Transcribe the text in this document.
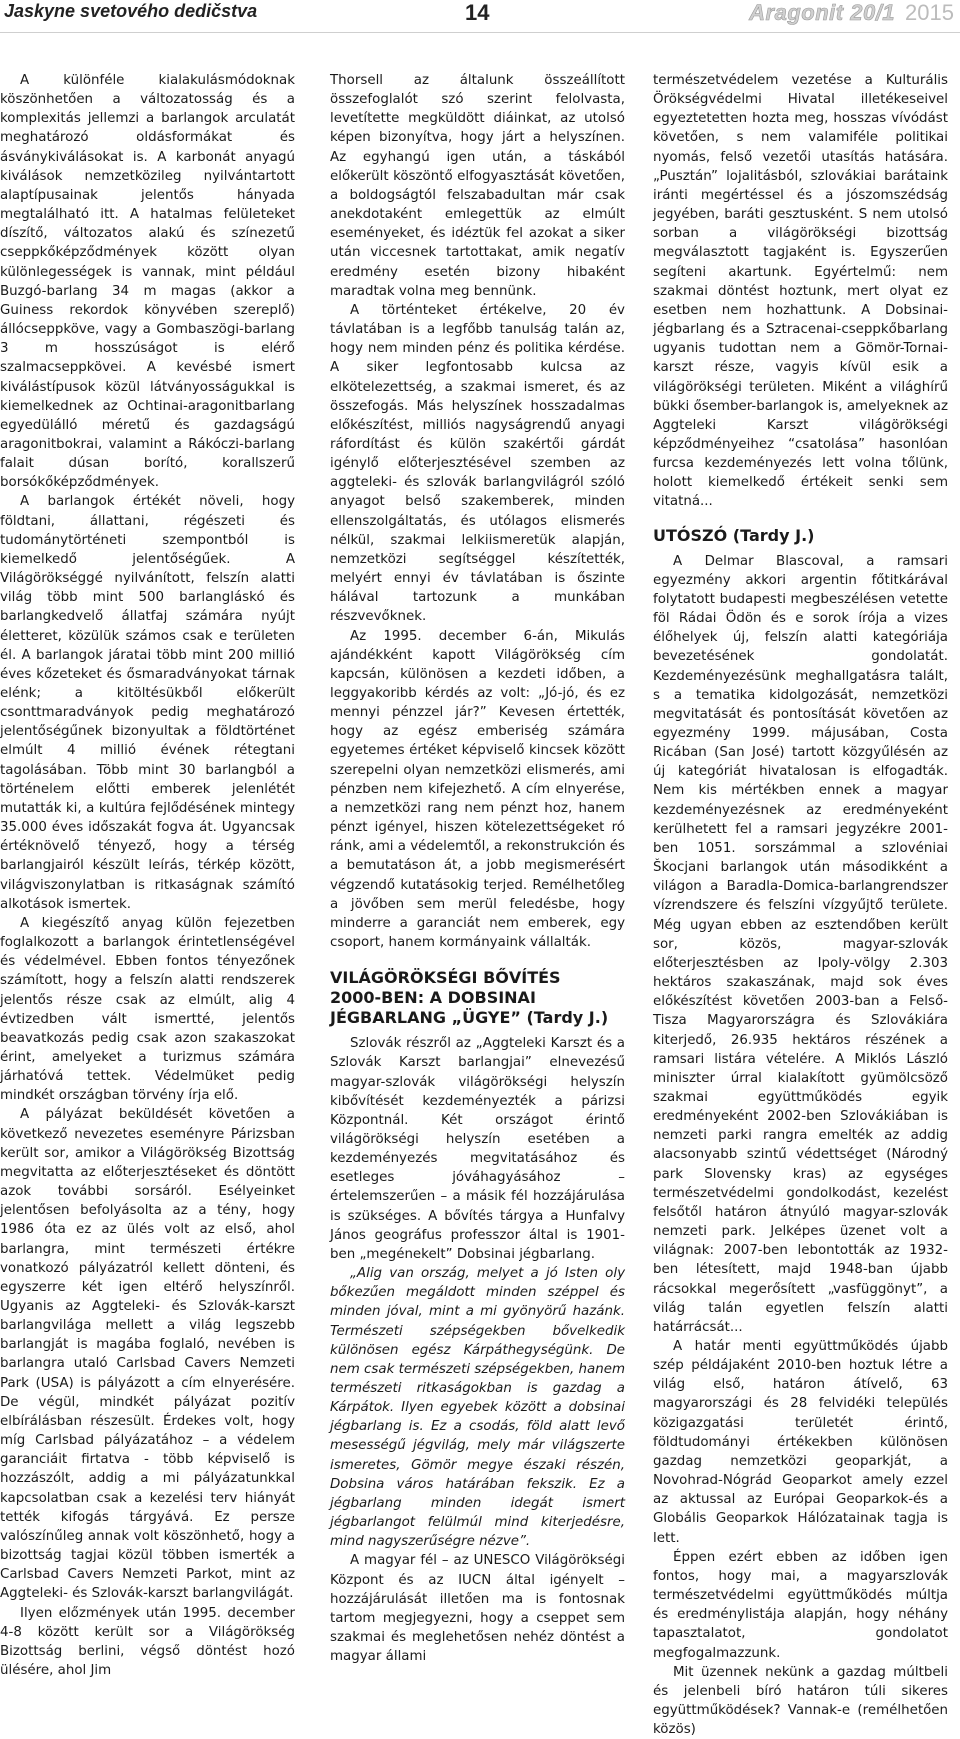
Jaskyne svetového dedičstva	14	Aragonit 20/1 2015

A különféle kialakulásmódoknak köszönhetően a változatosság és a komplexitás jellemzi a barlangok arculatát meghatározó oldásformákat és ásványkiválásokat is. A karbonát anyagú kiválások nemzetközileg nyilvántartott alaptípusainak jelentős hányada megtalálható itt. A hatalmas felületeket díszítő, változatos alakú és színezetű cseppkőképződmények között olyan különlegességek is vannak, mint például Buzgó-barlang 34 m magas (akkor a Guiness rekordok könyvében szereplő) állócseppköve, vagy a Gombaszögi-barlang 3 m hosszúságot is elérő szalmacseppkövei. A kevésbé ismert kiválástípusok közül látványosságukkal is kiemelkednek az Ochtinai-aragonitbarlang egyedülálló méretű és gazdagságú aragonitbokrai, valamint a Rákóczi-barlang falait dúsan borító, korallszerű borsókőképződmények.

A barlangok értékét növeli, hogy földtani, állattani, régészeti és tudománytörténeti szempontból is kiemelkedő jelentőségűek. A Világörökséggé nyilvánított, felszín alatti világ több mint 500 barlangláskó és barlangkedvelő állatfaj számára nyújt életteret, közülük számos csak e területen él. A barlangok járatai több mint 200 millió éves kőzeteket és ősmaradványokat tárnak elénk; a kitöltésükből előkerült csonttmaradványok pedig meghatározó jelentőségűnek bizonyultak a földtörténet elmúlt 4 millió évének rétegtani tagolásában. Több mint 30 barlangból a történelem előtti emberek jelenlétét mutatták ki, a kultúra fejlődésének mintegy 35.000 éves időszakát fogva át. Ugyancsak értéknövelő tényező, hogy a térség barlangjairól készült leírás, térkép között, világviszonylatban is ritkaságnak számító alkotások ismertek.

A kiegészítő anyag külön fejezetben foglalkozott a barlangok érintetlenségével és védelmével. Ebben fontos tényezőnek számított, hogy a felszín alatti rendszerek jelentős része csak az elmúlt, alig 4 évtizedben vált ismertté, jelentős beavatkozás pedig csak azon szakaszokat érint, amelyeket a turizmus számára járhatóvá tettek. Védelmüket pedig mindkét országban törvény írja elő.

A pályázat beküldését követően a következő nevezetes eseményre Párizsban került sor, amikor a Világörökség Bizottság megvitatta az előterjesztéseket és döntött azok további sorsáról. Esélyeinket jelentősen befolyásolta az a tény, hogy 1986 óta ez az ülés volt az első, ahol barlangra, mint természeti értékre vonatkozó pályázatról kellett dönteni, és egyszerre két igen eltérő helyszínről. Ugyanis az Aggteleki- és Szlovák-karszt barlangvilága mellett a világ legszebb barlangját is magába foglaló, nevében is barlangra utaló Carlsbad Cavers Nemzeti Park (USA) is pályázott a cím elnyerésére. De végül, mindkét pályázat pozitív elbírálásban részesült. Érdekes volt, hogy míg Carlsbad pályázatához – a védelem garanciáit firtatva - több képviselő is hozzászólt, addig a mi pályázatunkkal kapcsolatban csak a kezelési terv hiányát tették kifogás tárgyává. Ez persze valószínűleg annak volt köszönhető, hogy a bizottság tagjai közül többen ismerték a Carlsbad Cavers Nemzeti Parkot, mint az Aggteleki- és Szlovák-karszt barlangvilágát.

Ilyen előzmények után 1995. december 4-8 között került sor a Világörökség Bizottság berlini, végső döntést hozó ülésére, ahol Jim

Thorsell az általunk összeállított összefoglalót szó szerint felolvasta, levetítette megküldött diáinkat, az utolsó képen bizonyítva, hogy járt a helyszínen. Az egyhangú igen után, a táskából előkerült köszöntő elfogyasztását követően, a boldogságtól felszabadultan már csak anekdotaként emlegettük az elmúlt eseményeket, és idéztük fel azokat a siker után viccesnek tartottakat, amik negatív eredmény esetén bizony hibaként maradtak volna meg bennünk.

A történteket értékelve, 20 év távlatában is a legfőbb tanulság talán az, hogy nem minden pénz és politika kérdése. A siker legfontosabb kulcsa az elkötelezettség, a szakmai ismeret, és az összefogás. Más helyszínek hosszadalmas előkészítést, milliós nagyságrendű anyagi ráfordítást és külön szakértői gárdát igénylő előterjesztésével szemben az aggteleki- és szlovák barlangvilágról szóló anyagot belső szakemberek, minden ellenszolgáltatás, és utólagos elismerés nélkül, szakmai lelkiismeretük alapján, nemzetközi segítséggel készítették, melyért ennyi év távlatában is őszinte hálával tartozunk a munkában részvevőknek.

Az 1995. december 6-án, Mikulás ajándékként kapott Világörökség cím kapcsán, különösen a kezdeti időben, a leggyakoribb kérdés az volt: „Jó-jó, és ez mennyi pénzzel jár?” Kevesen értették, hogy az egész emberiség számára egyetemes értéket képviselő kincsek között szerepelni olyan nemzetközi elismerés, ami pénzben nem kifejezhető. A cím elnyerése, a nemzetközi rang nem pénzt hoz, hanem pénzt igényel, hiszen kötelezettségeket ró ránk, ami a védelemtől, a rekonstrukción és a bemutatáson át, a jobb megismerésért végzendő kutatásokig terjed. Remélhetőleg a jövőben sem merül feledésbe, hogy minderre a garanciát nem emberek, egy csoport, hanem kormányaink vállalták.

VILÁGÖRÖKSÉGI BŐVÍTÉS
2000-BEN: A DOBSINAI
JÉGBARLANG „ÜGYE” (Tardy J.)

Szlovák részről az „Aggteleki Karszt és a Szlovák Karszt barlangjai” elnevezésű magyar-szlovák világörökségi helyszín kibővítését kezdeményezték a párizsi Központnál. Két országot érintő világörökségi helyszín esetében a kezdeményezés megvitatásához és esetleges jóváhagyásához – értelemszerűen – a másik fél hozzájárulása is szükséges. A bővítés tárgya a Hunfalvy János geográfus professzor által is 1901-ben „megénekelt” Dobsinai jégbarlang.

„Alig van ország, melyet a jó Isten oly bőkezűen megáldott minden széppel és minden jóval, mint a mi gyönyörű hazánk. Természeti szépségekben bővelkedik különösen egész Kárpáthegységünk. De nem csak természeti szépségekben, hanem természeti ritkaságokban is gazdag a Kárpátok. Ilyen egyebek között a dobsinai jégbarlang is. Ez a csodás, föld alatt levő mesességű jégvilág, mely már világszerte ismeretes, Gömör megye északi részén, Dobsina város határában fekszik. Ez a jégbarlang minden idegát ismert jégbarlangot felülmúl mind kiterjedésre, mind nagyszerűségre nézve”.

A magyar fél – az UNESCO Világörökségi Központ és az IUCN által igényelt – hozzájárulását illetően ma is fontosnak tartom megjegyezni, hogy a cseppet sem szakmai és meglehetősen nehéz döntést a magyar állami

természetvédelem vezetése a Kulturális Örökségvédelmi Hivatal illetékeseivel egyeztetetten hozta meg, hosszas vívódást követően, s nem valamiféle politikai nyomás, felső vezetői utasítás hatására. „Pusztán” lojalitásból, szlovákiai barátaink iránti megértéssel és a jószomszédság jegyében, baráti gesztusként. S nem utolsó sorban a világörökségi bizottság megválasztott tagjaként is. Egyszerűen segíteni akartunk. Egyértelmű: nem szakmai döntést hoztunk, mert olyat ez esetben nem hozhattunk. A Dobsinai-jégbarlang és a Sztracenai-cseppkőbarlang ugyanis tudottan nem a Gömör-Tornai-karszt része, vagyis kívül esik a világörökségi területen. Miként a világhírű bükki ősember-barlangok is, amelyeknek az Aggteleki Karszt világörökségi képződményeihez “csatolása” hasonlóan furcsa kezdeményezés lett volna tőlünk, holott kiemelkedő értékeit senki sem vitatná...

UTÓSZÓ (Tardy J.)

A Delmar Blascoval, a ramsari egyezmény akkori argentin főtitkárával folytatott budapesti megbeszélésen vetette föl Rádai Ödön és e sorok írója a vizes élőhelyek új, felszín alatti kategóriája bevezetésének gondolatát. Kezdeményezésünk meghallgatásra talált, s a tematika kidolgozását, nemzetközi megvitatását és pontosítását követően az egyezmény 1999. májusában, Costa Ricában (San José) tartott közgyűlésén az új kategóriát hivatalosan is elfogadták. Nem kis mértékben ennek a magyar kezdeményezésnek az eredményeként kerülhetett fel a ramsari jegyzékre 2001-ben 1051. sorszámmal a szlovéniai Škocjani barlangok után másodikként a világon a Baradla-Domica-barlangrendszer vízrendszere és felszíni vízgyűjtő területe. Még ugyan ebben az esztendőben került sor, közös, magyar-szlovák előterjesztésben az Ipoly-völgy 2.303 hektáros szakaszának, majd sok éves előkészítést követően 2003-ban a Felső-Tisza Magyarországra és Szlovákiára kiterjedő, 26.935 hektáros részének a ramsari listára vételére. A Miklós László miniszter úrral kialakított gyümölcsöző szakmai együttműködés egyik eredményeként 2002-ben Szlovákiában is nemzeti parki rangra emelték az addig alacsonyabb szintű védettséget (Národný park Slovensky kras) az egységes természetvédelmi gondolkodást, kezelést felsőtől határon átnyúló magyar-szlovák nemzeti park. Jelképes üzenet volt a világnak: 2007-ben lebontották az 1932-ben létesített, majd 1948-ban újabb rácsokkal megerősített „vasfüggönyt”, a világ talán egyetlen felszín alatti határrácsát...

A határ menti együttműködés újabb szép példájaként 2010-ben hoztuk létre a világ első, határon átívelő, 63 magyarországi és 28 felvidéki település közigazgatási területét érintő, földtudományi értékekben különösen gazdag nemzetközi geoparkját, a Novohrad-Nógrád Geoparkot amely ezzel az aktussal az Európai Geoparkok-és a Globális Geoparkok Hálózatainak tagja is lett.

Éppen ezért ebben az időben igen fontos, hogy mai, a magyarszlovák természetvédelmi együttműködés múltja és eredménylistája alapján, hogy néhány tapasztalatot, gondolatot megfogalmazzunk.

Mit üzennek nekünk a gazdag múltbeli és jelenbeli bíró határon túli sikeres együttműködések? Vannak-e (remélhetően közös)
